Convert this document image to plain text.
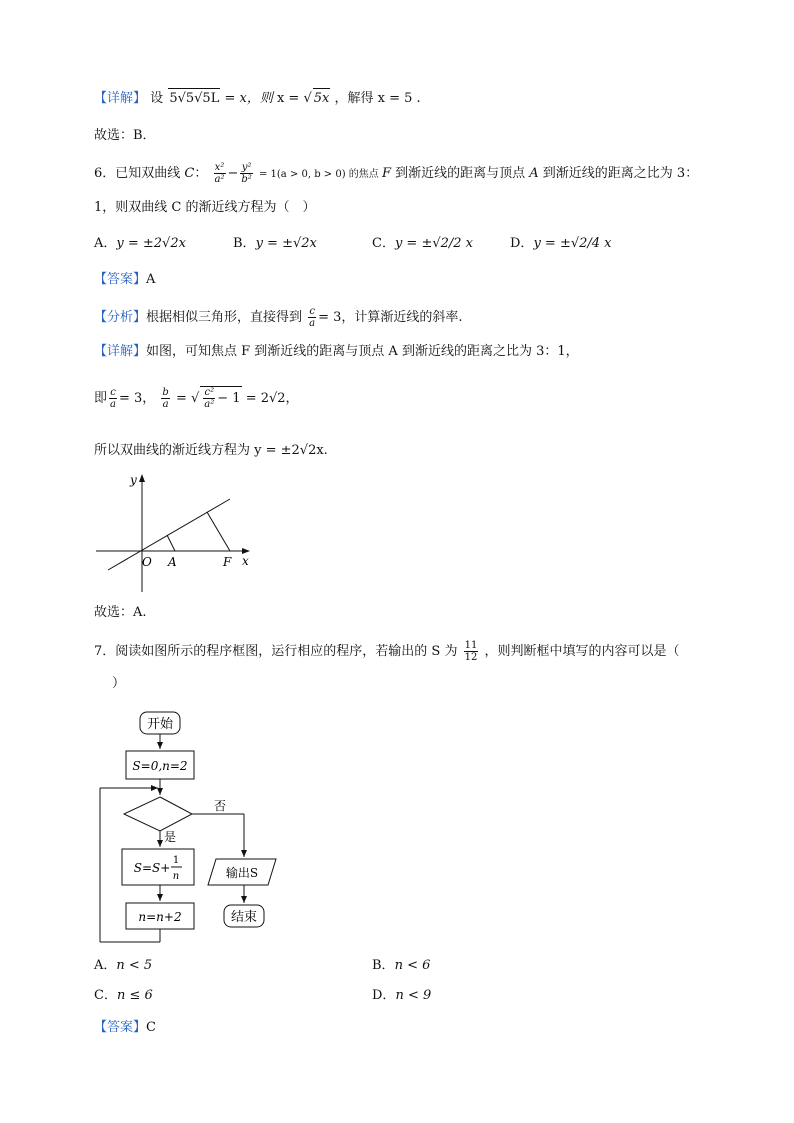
【详解】 设 5√5√5L = x，则 x = √ 5x ，解得 x = 5 .
故选：B．
6．已知双曲线 C： $\frac{\text{x²}}{\text{a²}} - \frac{\text{y²}}{\text{b²}} = 1(a > 0$, b > 0) 的焦点 F 到渐近线的距离与顶点 A 到渐近线的距离之比为 3：
1，则双曲线 C 的渐近线方程为（　）
A．y = ±2√2x	B．y = ±√2x	C．y = ±√2/2 x	D．y = ±√2/4 x
【答案】A
【分析】根据相似三角形，直接得到 $\frac{c}{a} = 3$，计算渐近线的斜率.
【详解】如图，可知焦点 F 到渐近线的距离与顶点 A 到渐近线的距离之比为 3：1，
即 $\frac{c}{a} = 3$， $\frac{b}{a}$ = √ $\frac{\text{c²}}{\text{a²}} - 1 = 2√2$，
所以双曲线的渐近线方程为 y = ±2√2x.
y
O A	F x
故选：A.
7．阅读如图所示的程序框图，运行相应的程序，若输出的 S 为 $\frac{11}{12}$ ，则判断框中填写的内容可以是（
）
开始
S=0,n=2
否
是
S=S+
1
n
n=n+2
输出S
结束
A．n < 5	B．n < 6
C．n ≤ 6	D．n < 9
【答案】C
